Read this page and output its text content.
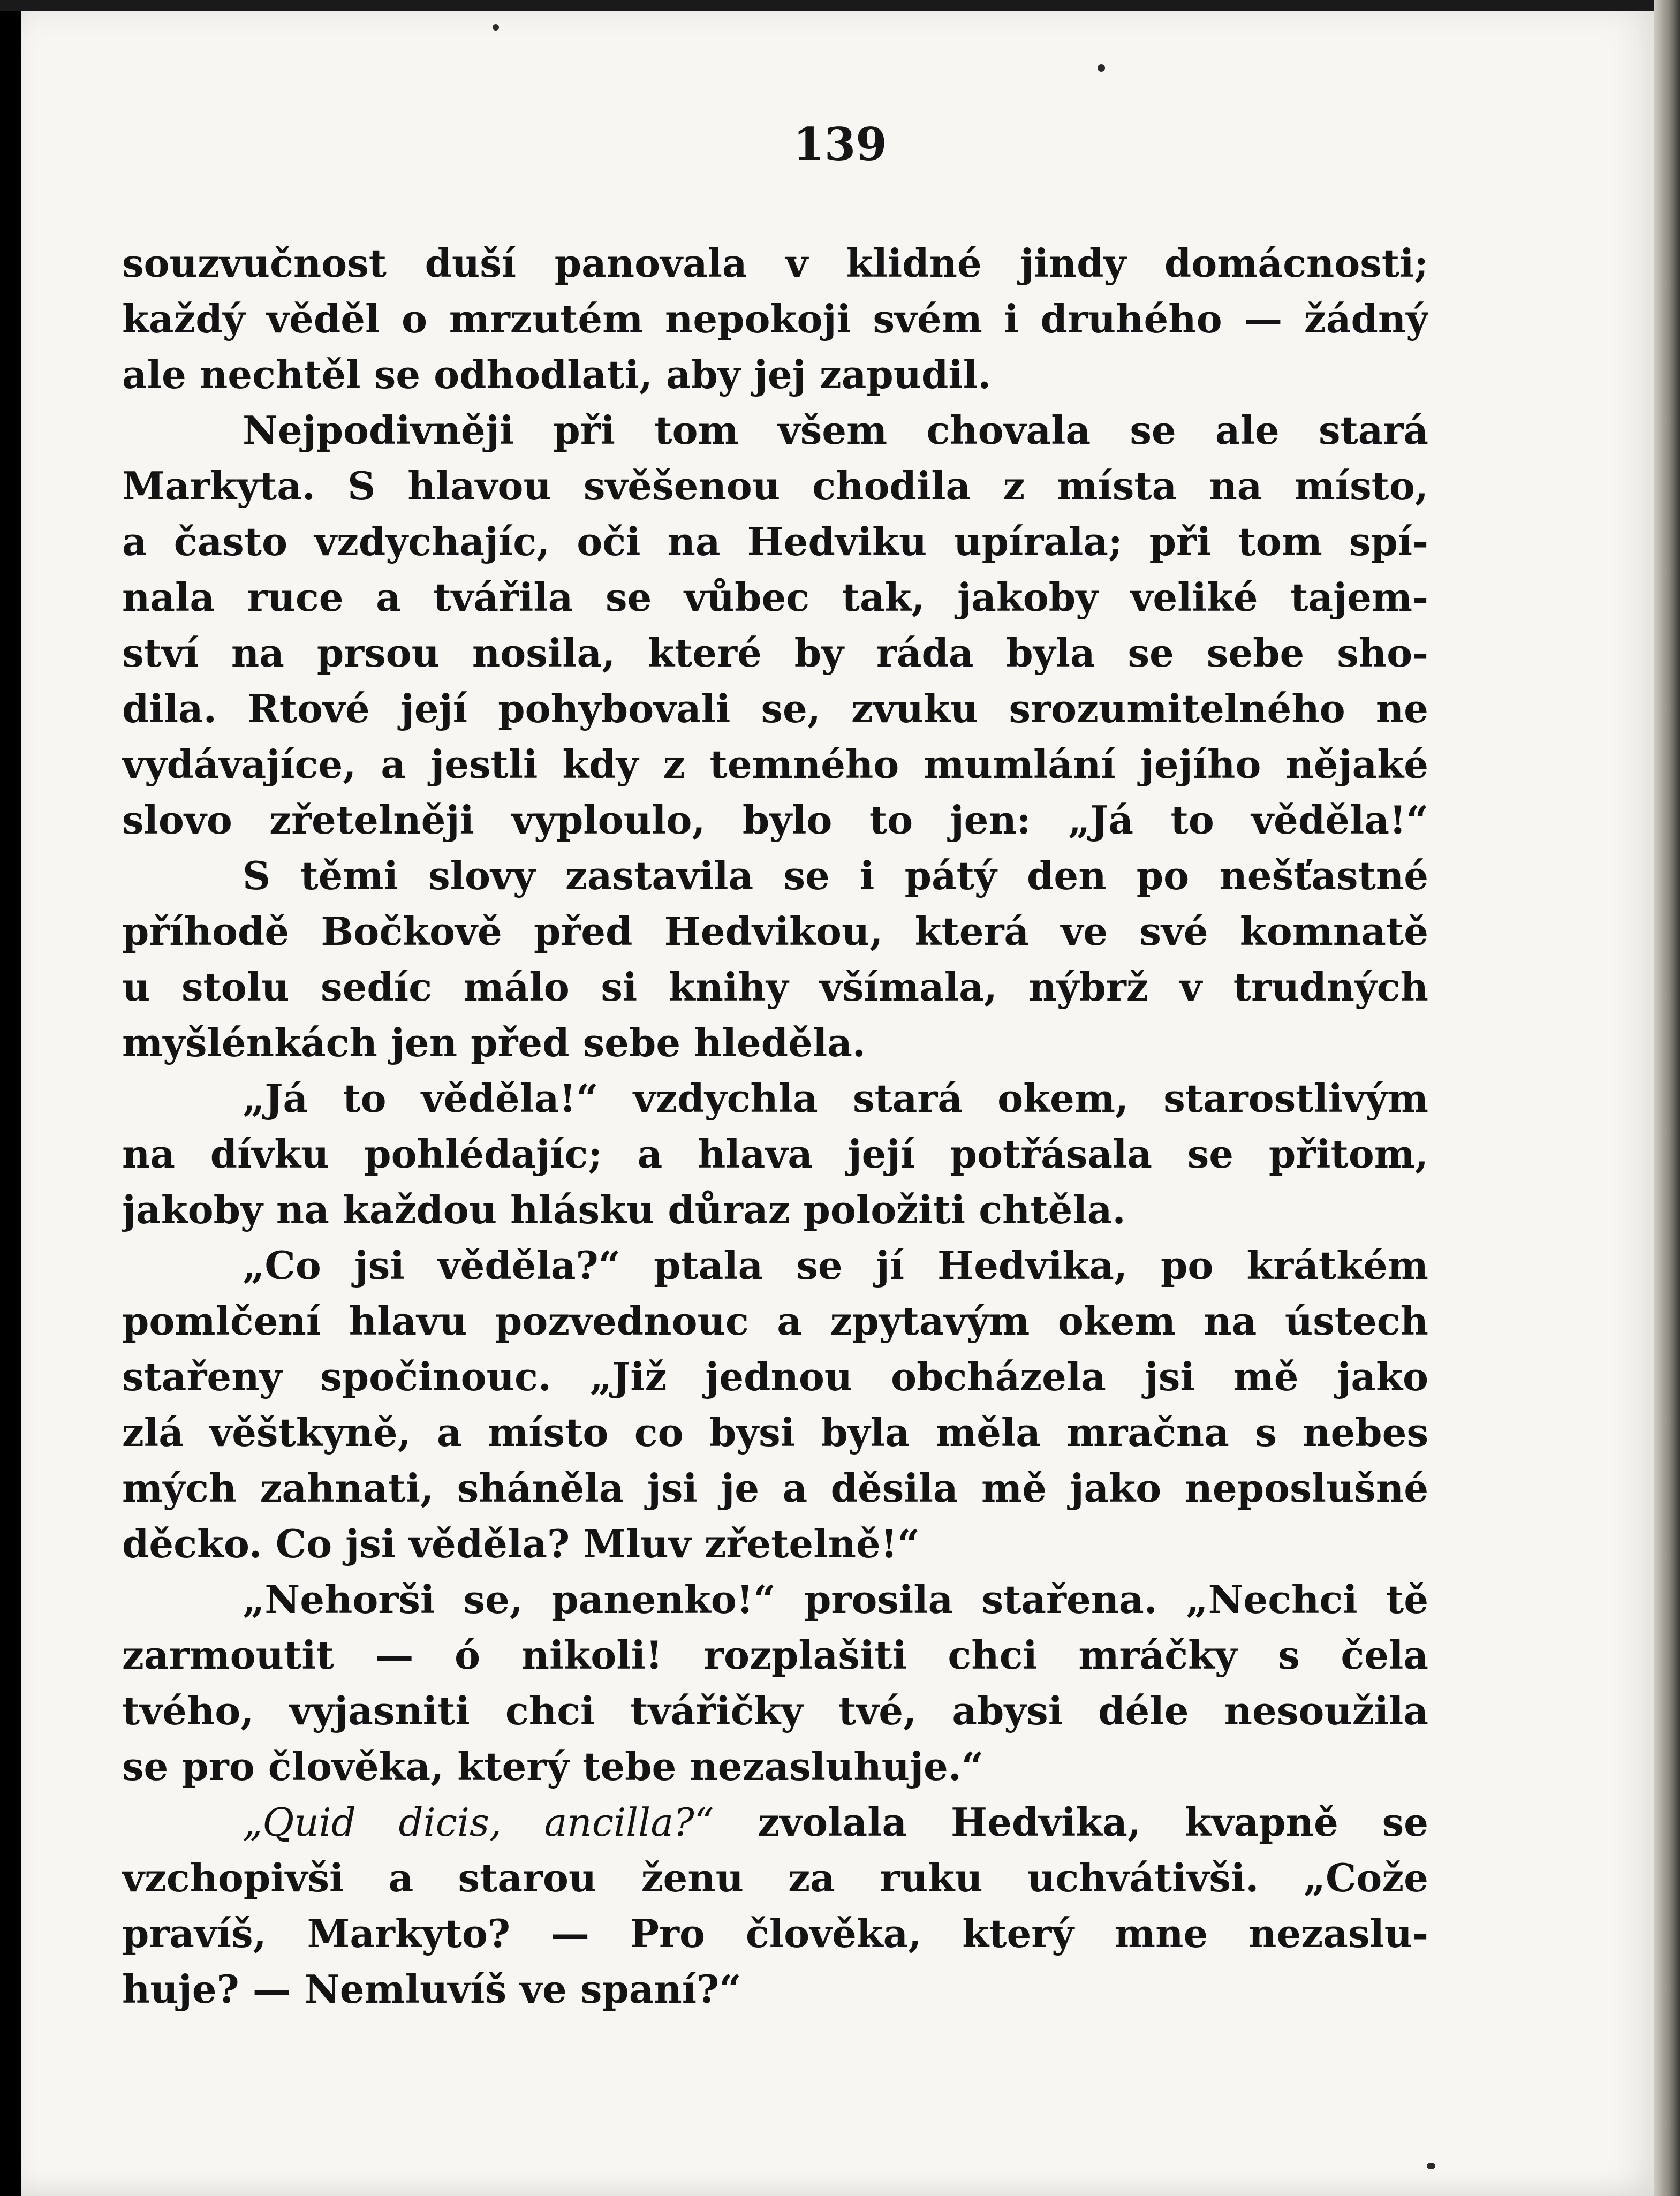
139
souzvučnost duší panovala v klidné jindy domácnosti;
každý věděl o mrzutém nepokoji svém i druhého — žádný
ale nechtěl se odhodlati, aby jej zapudil.
Nejpodivněji při tom všem chovala se ale stará
Markyta. S hlavou svěšenou chodila z místa na místo,
a často vzdychajíc, oči na Hedviku upírala; při tom spí-
nala ruce a tvářila se vůbec tak, jakoby veliké tajem-
ství na prsou nosila, které by ráda byla se sebe sho-
dila. Rtové její pohybovali se, zvuku srozumitelného ne
vydávajíce, a jestli kdy z temného mumlání jejího nějaké
slovo zřetelněji vyploulo, bylo to jen: „Já to věděla!“
S těmi slovy zastavila se i pátý den po nešťastné
příhodě Bočkově před Hedvikou, která ve své komnatě
u stolu sedíc málo si knihy všímala, nýbrž v trudných
myšlénkách jen před sebe hleděla.
„Já to věděla!“ vzdychla stará okem, starostlivým
na dívku pohlédajíc; a hlava její potřásala se přitom,
jakoby na každou hlásku důraz položiti chtěla.
„Co jsi věděla?“ ptala se jí Hedvika, po krátkém
pomlčení hlavu pozvednouc a zpytavým okem na ústech
stařeny spočinouc. „Již jednou obcházela jsi mě jako
zlá věštkyně, a místo co bysi byla měla mračna s nebes
mých zahnati, sháněla jsi je a děsila mě jako neposlušné
děcko. Co jsi věděla? Mluv zřetelně!“
„Nehorši se, panenko!“ prosila stařena. „Nechci tě
zarmoutit — ó nikoli! rozplašiti chci mráčky s čela
tvého, vyjasniti chci tvářičky tvé, abysi déle nesoužila
se pro člověka, který tebe nezasluhuje.“
„Quid dicis, ancilla?“ zvolala Hedvika, kvapně se
vzchopivši a starou ženu za ruku uchvátivši. „Cože
pravíš, Markyto? — Pro člověka, který mne nezaslu-
huje? — Nemluvíš ve spaní?“
